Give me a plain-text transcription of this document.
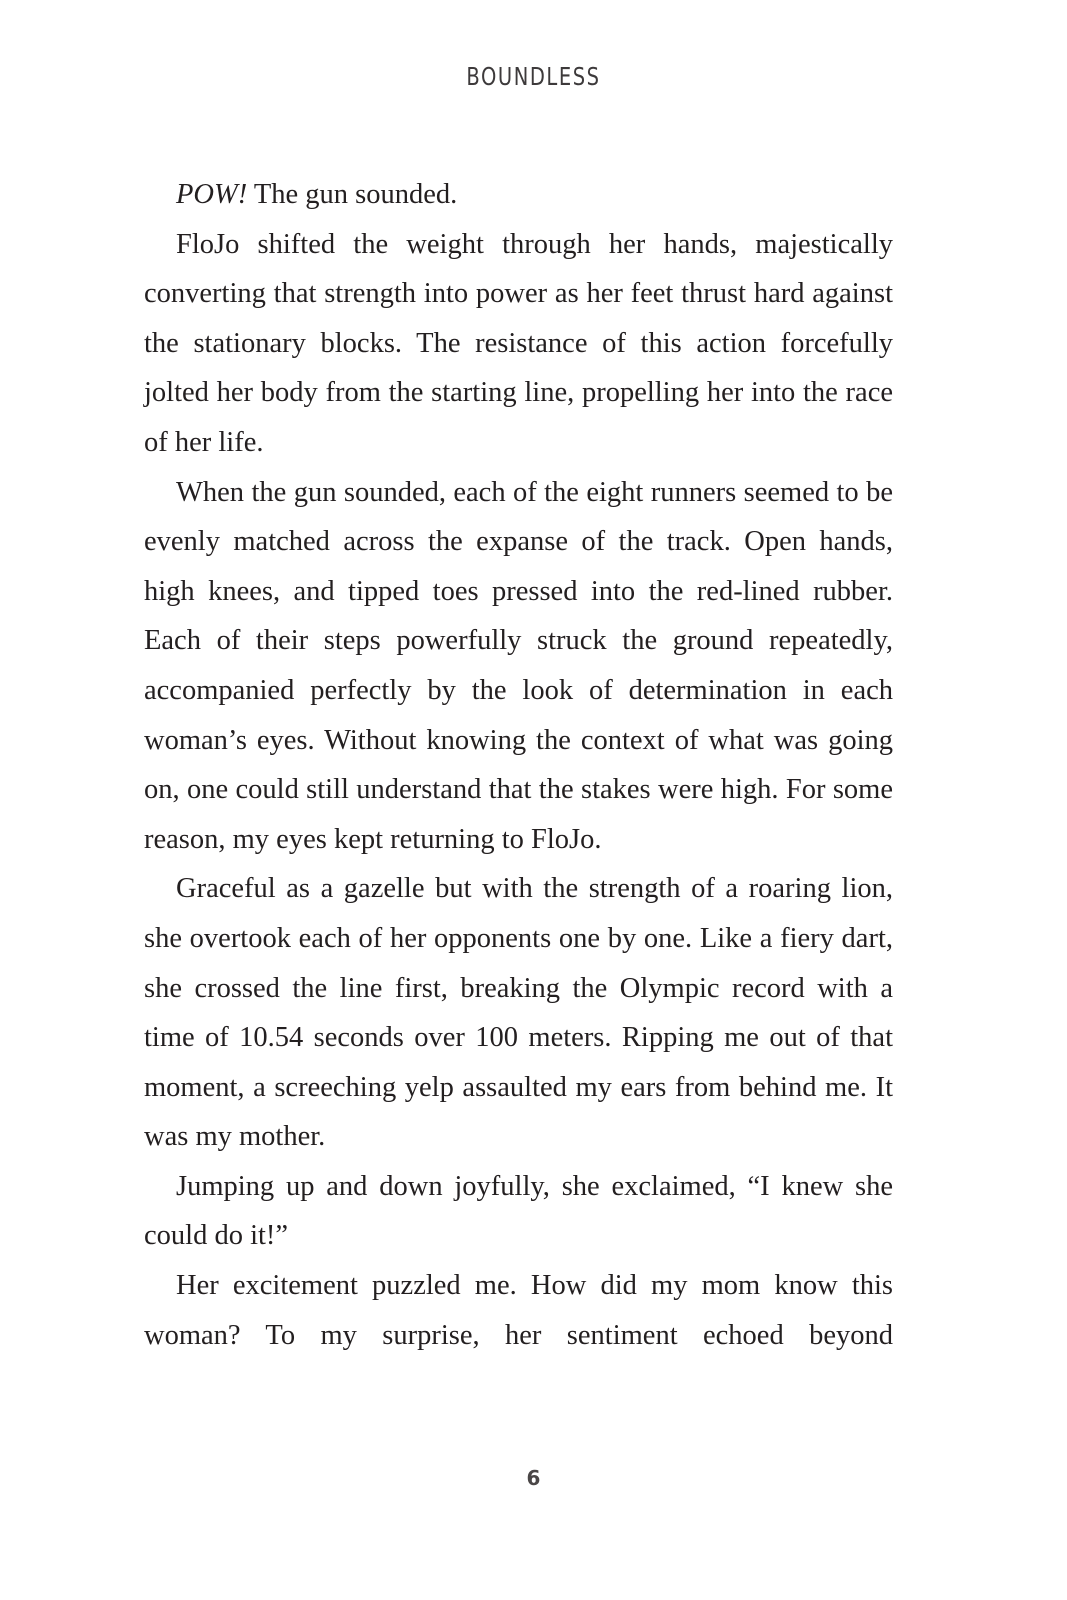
BOUNDLESS

POW! The gun sounded.

FloJo shifted the weight through her hands, majestically converting that strength into power as her feet thrust hard against the stationary blocks. The resistance of this action forcefully jolted her body from the starting line, propelling her into the race of her life.

When the gun sounded, each of the eight runners seemed to be evenly matched across the expanse of the track. Open hands, high knees, and tipped toes pressed into the red-lined rubber. Each of their steps powerfully struck the ground repeatedly, accompanied perfectly by the look of determination in each woman’s eyes. Without knowing the context of what was going on, one could still understand that the stakes were high. For some reason, my eyes kept returning to FloJo.

Graceful as a gazelle but with the strength of a roaring lion, she overtook each of her opponents one by one. Like a fiery dart, she crossed the line first, breaking the Olympic record with a time of 10.54 seconds over 100 meters. Ripping me out of that moment, a screeching yelp assaulted my ears from behind me. It was my mother.

Jumping up and down joyfully, she exclaimed, “I knew she could do it!”

Her excitement puzzled me. How did my mom know this woman? To my surprise, her sentiment echoed beyond

6
